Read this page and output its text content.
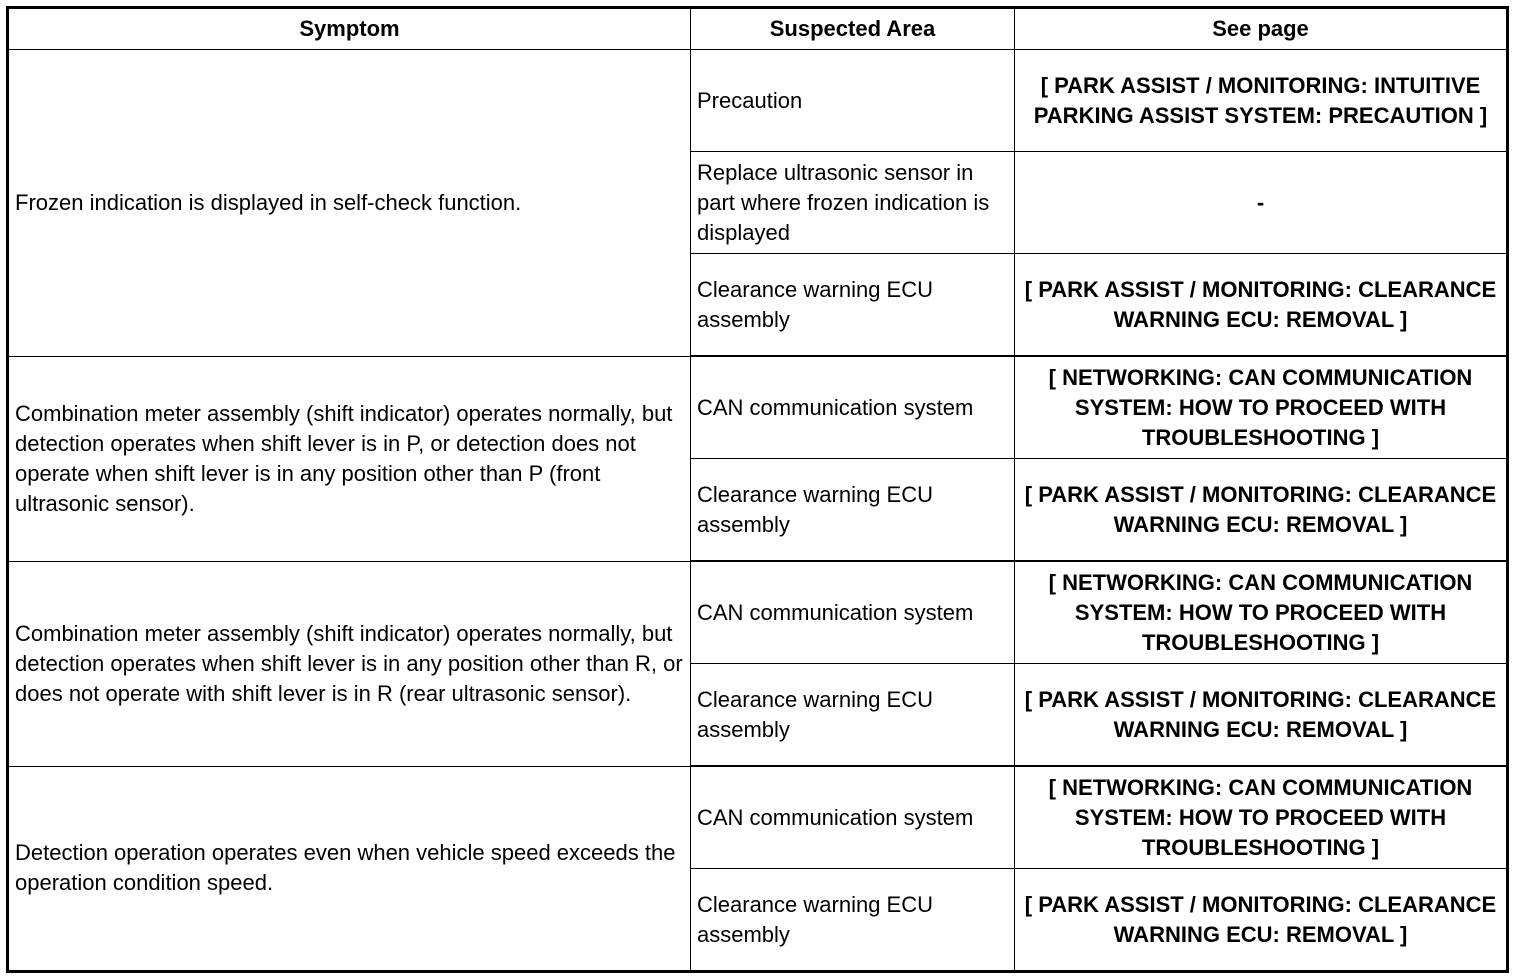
Symptom	Suspected Area	See page
Frozen indication is displayed in self-check function.	Precaution	[ PARK ASSIST / MONITORING: INTUITIVE PARKING ASSIST SYSTEM: PRECAUTION ]
	Replace ultrasonic sensor in part where frozen indication is displayed	-
	Clearance warning ECU assembly	[ PARK ASSIST / MONITORING: CLEARANCE WARNING ECU: REMOVAL ]
Combination meter assembly (shift indicator) operates normally, but detection operates when shift lever is in P, or detection does not operate when shift lever is in any position other than P (front ultrasonic sensor).	CAN communication system	[ NETWORKING: CAN COMMUNICATION SYSTEM: HOW TO PROCEED WITH TROUBLESHOOTING ]
	Clearance warning ECU assembly	[ PARK ASSIST / MONITORING: CLEARANCE WARNING ECU: REMOVAL ]
Combination meter assembly (shift indicator) operates normally, but detection operates when shift lever is in any position other than R, or does not operate with shift lever is in R (rear ultrasonic sensor).	CAN communication system	[ NETWORKING: CAN COMMUNICATION SYSTEM: HOW TO PROCEED WITH TROUBLESHOOTING ]
	Clearance warning ECU assembly	[ PARK ASSIST / MONITORING: CLEARANCE WARNING ECU: REMOVAL ]
Detection operation operates even when vehicle speed exceeds the operation condition speed.	CAN communication system	[ NETWORKING: CAN COMMUNICATION SYSTEM: HOW TO PROCEED WITH TROUBLESHOOTING ]
	Clearance warning ECU assembly	[ PARK ASSIST / MONITORING: CLEARANCE WARNING ECU: REMOVAL ]
